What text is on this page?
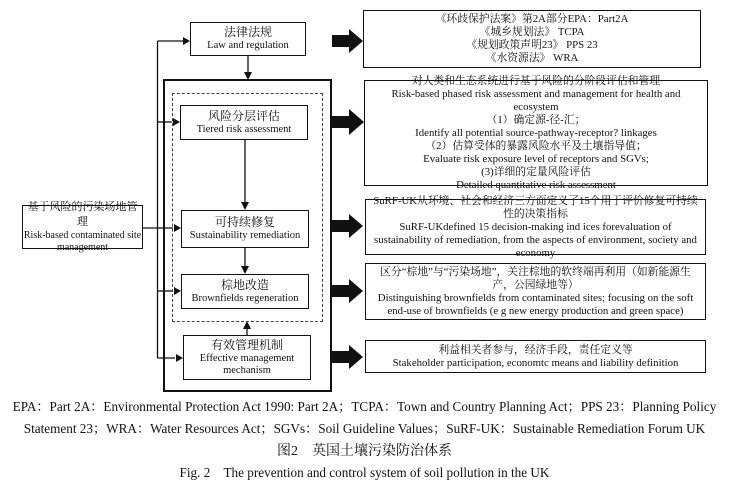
法律法规
Law and regulation
基于风险的污染场地管理
Risk-based contaminated site management
风险分层评估
Tiered risk assessment
可持续修复
Sustainability remediation
棕地改造
Brownfields regeneration
有效管理机制
Effective management mechanism
《环歧保护法案》第2A部分EPA：Part2A
《城乡规划法》 TCPA
《规划政策声明23》 PPS 23
《水资源法》 WRA
对人类和生态系统进行基于风险的分阶段评估和管理
Risk-based phased risk assessment and management for health and ecosystem
（1）确定源-径-汇；
Identify all potential source-pathway-receptor? linkages
（2）估算受体的暴露风险水平及土壤指导值；
Evaluate risk exposure level of receptors and SGVs;
(3)详细的定量风险评估
Detailed quantitative risk assessment
SuRF-UK从环境、社会和经济三方面定义了15个用于评价修复可持续性的决策指标
SuRF-UKdefined 15 decision-making ind ices forevaluation of sustainability of remediation, from the aspects of environment, society and economy
区分“棕地”与“污染场地”，关注棕地的软终端再利用（如新能源生产，公园绿地等）
Distinguishing brownfields from contaminated sites; focusing on the soft end-use of brownfields (e g new energy production and green space)
利益相关者参与，经济手段，责任定义等
Stakeholder participation, economtc means and liability definition
EPA：Part 2A：Environmental Protection Act 1990: Part 2A；TCPA：Town and Country Planning Act；PPS 23：Planning Policy
Statement 23；WRA：Water Resources Act；SGVs：Soil Guideline Values；SuRF-UK：Sustainable Remediation Forum UK
图2　英国土壤污染防治体系
Fig. 2　The prevention and control system of soil pollution in the UK
